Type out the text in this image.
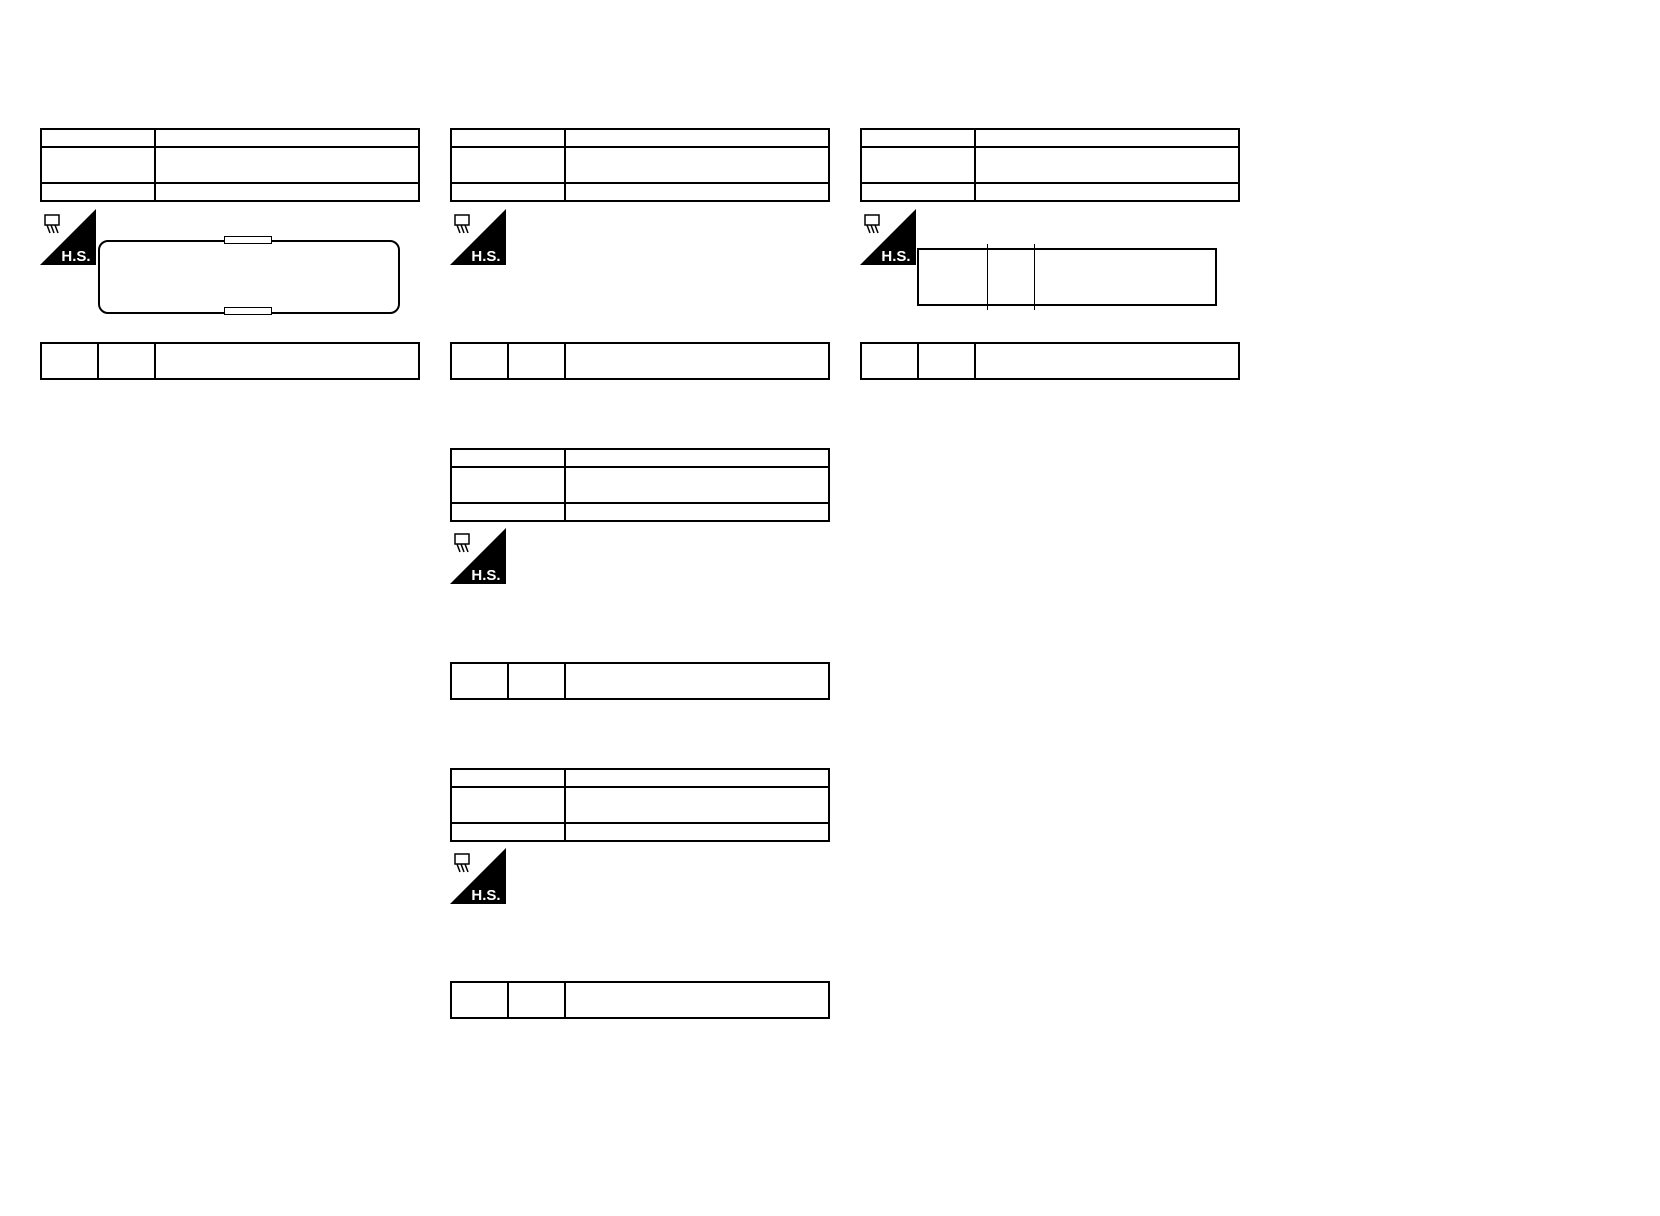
H.S.

		H.S.

H.S.

H.S.

H.S.
